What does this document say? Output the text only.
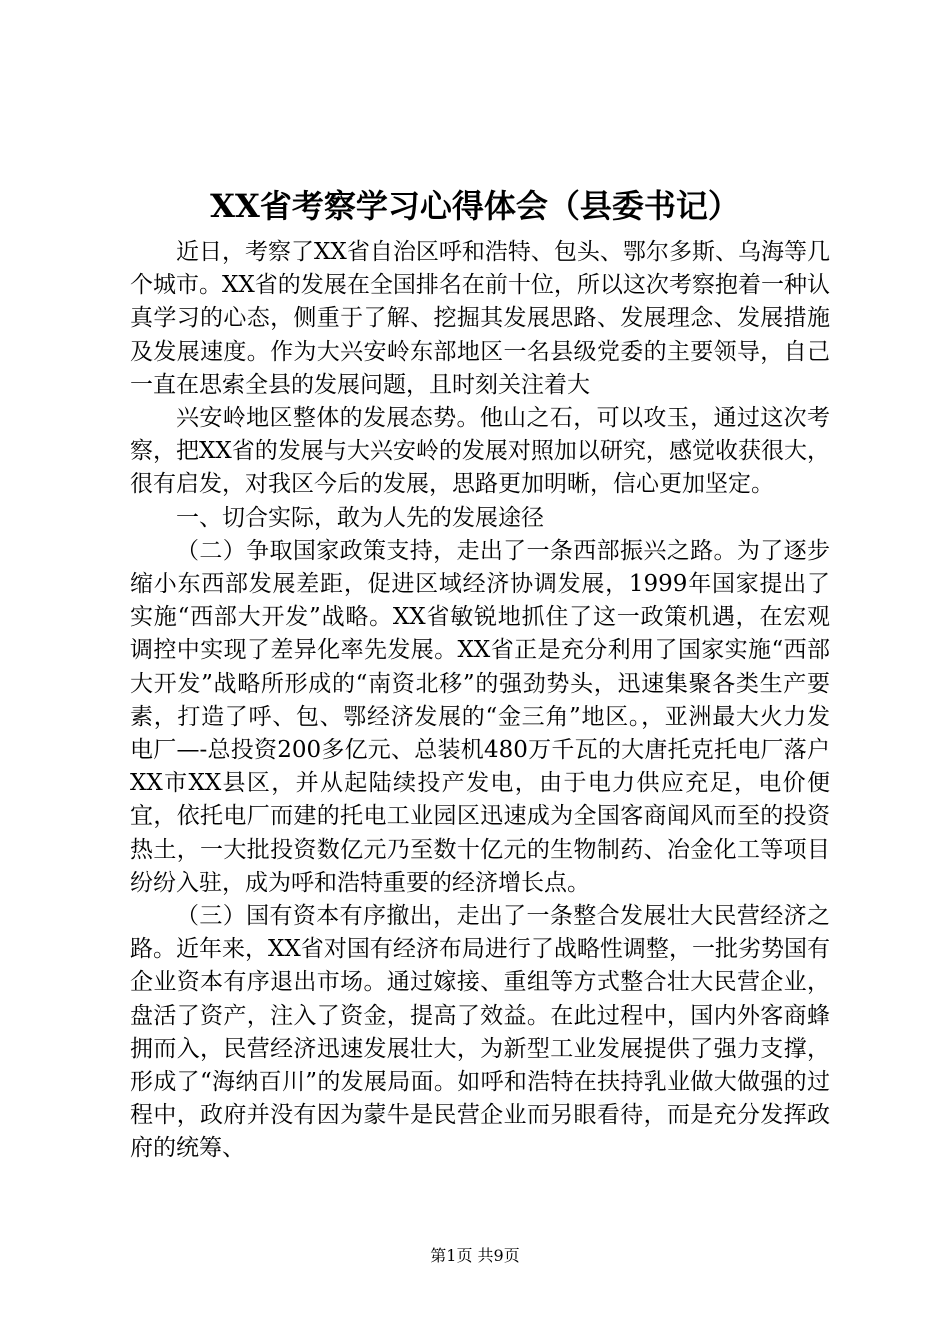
XX省考察学习心得体会（县委书记）

近日，考察了XX省自治区呼和浩特、包头、鄂尔多斯、乌海等几个城市。XX省的发展在全国排名在前十位，所以这次考察抱着一种认真学习的心态，侧重于了解、挖掘其发展思路、发展理念、发展措施及发展速度。作为大兴安岭东部地区一名县级党委的主要领导，自己一直在思索全县的发展问题，且时刻关注着大

兴安岭地区整体的发展态势。他山之石，可以攻玉，通过这次考察，把XX省的发展与大兴安岭的发展对照加以研究，感觉收获很大，很有启发，对我区今后的发展，思路更加明晰，信心更加坚定。

一、切合实际，敢为人先的发展途径

（二）争取国家政策支持，走出了一条西部振兴之路。为了逐步缩小东西部发展差距，促进区域经济协调发展，1999年国家提出了实施“西部大开发”战略。XX省敏锐地抓住了这一政策机遇，在宏观调控中实现了差异化率先发展。XX省正是充分利用了国家实施“西部大开发”战略所形成的“南资北移”的强劲势头，迅速集聚各类生产要素，打造了呼、包、鄂经济发展的“金三角”地区。，亚洲最大火力发电厂—-总投资200多亿元、总装机480万千瓦的大唐托克托电厂落户XX市XX县区，并从起陆续投产发电，由于电力供应充足，电价便宜，依托电厂而建的托电工业园区迅速成为全国客商闻风而至的投资热土，一大批投资数亿元乃至数十亿元的生物制药、冶金化工等项目纷纷入驻，成为呼和浩特重要的经济增长点。

（三）国有资本有序撤出，走出了一条整合发展壮大民营经济之路。近年来，XX省对国有经济布局进行了战略性调整，一批劣势国有企业资本有序退出市场。通过嫁接、重组等方式整合壮大民营企业，盘活了资产，注入了资金，提高了效益。在此过程中，国内外客商蜂拥而入，民营经济迅速发展壮大，为新型工业发展提供了强力支撑，形成了“海纳百川”的发展局面。如呼和浩特在扶持乳业做大做强的过程中，政府并没有因为蒙牛是民营企业而另眼看待，而是充分发挥政府的统筹、

第1页 共9页
